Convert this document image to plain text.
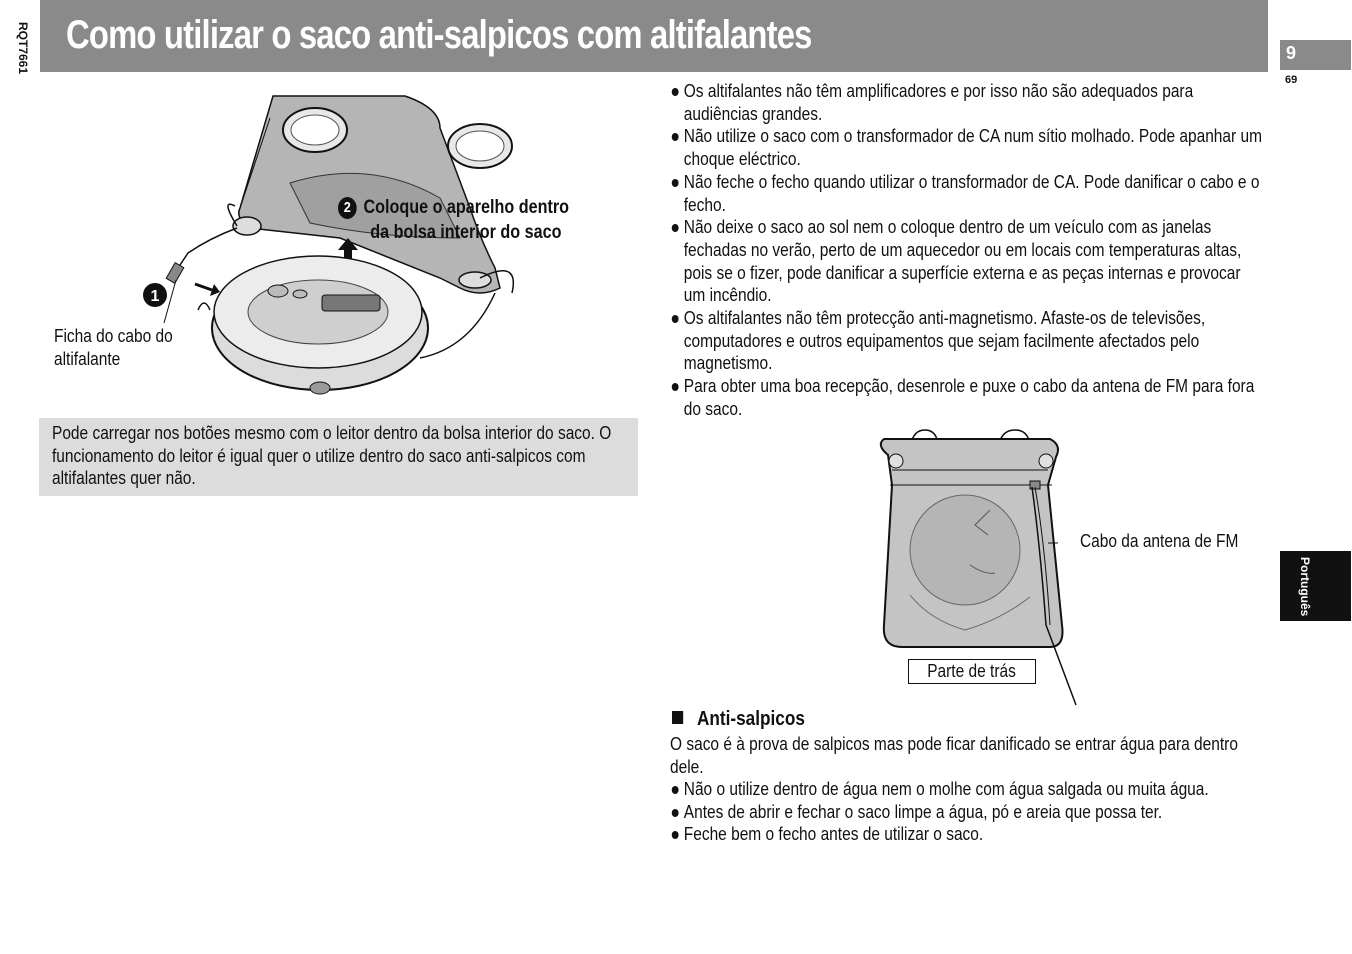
RQT7661 Como utilizar o saco anti-salpicos com altifalantes	9
69
Português
1
2 Coloque o aparelho dentro
da bolsa interior do saco
Ficha do cabo do
altifalante

Pode carregar nos botões mesmo com o leitor dentro da bolsa interior do saco. O funcionamento do leitor é igual quer o utilize dentro do saco anti-salpicos com altifalantes quer não.

Os altifalantes não têm amplificadores e por isso não são adequados para audiências grandes.
Não utilize o saco com o transformador de CA num sítio molhado. Pode apanhar um choque eléctrico.
Não feche o fecho quando utilizar o transformador de CA. Pode danificar o cabo e o fecho.
Não deixe o saco ao sol nem o coloque dentro de um veículo com as janelas fechadas no verão, perto de um aquecedor ou em locais com temperaturas altas, pois se o fizer, pode danificar a superfície externa e as peças internas e provocar um incêndio.
Os altifalantes não têm protecção anti-magnetismo. Afaste-os de televisões, computadores e outros equipamentos que sejam facilmente afectados pelo magnetismo.
Para obter uma boa recepção, desenrole e puxe o cabo da antena de FM para fora do saco.
Cabo da antena de FM
Parte de trás
Anti-salpicos

O saco é à prova de salpicos mas pode ficar danificado se entrar água para dentro dele.

Não o utilize dentro de água nem o molhe com água salgada ou muita água.
Antes de abrir e fechar o saco limpe a água, pó e areia que possa ter.
Feche bem o fecho antes de utilizar o saco.
